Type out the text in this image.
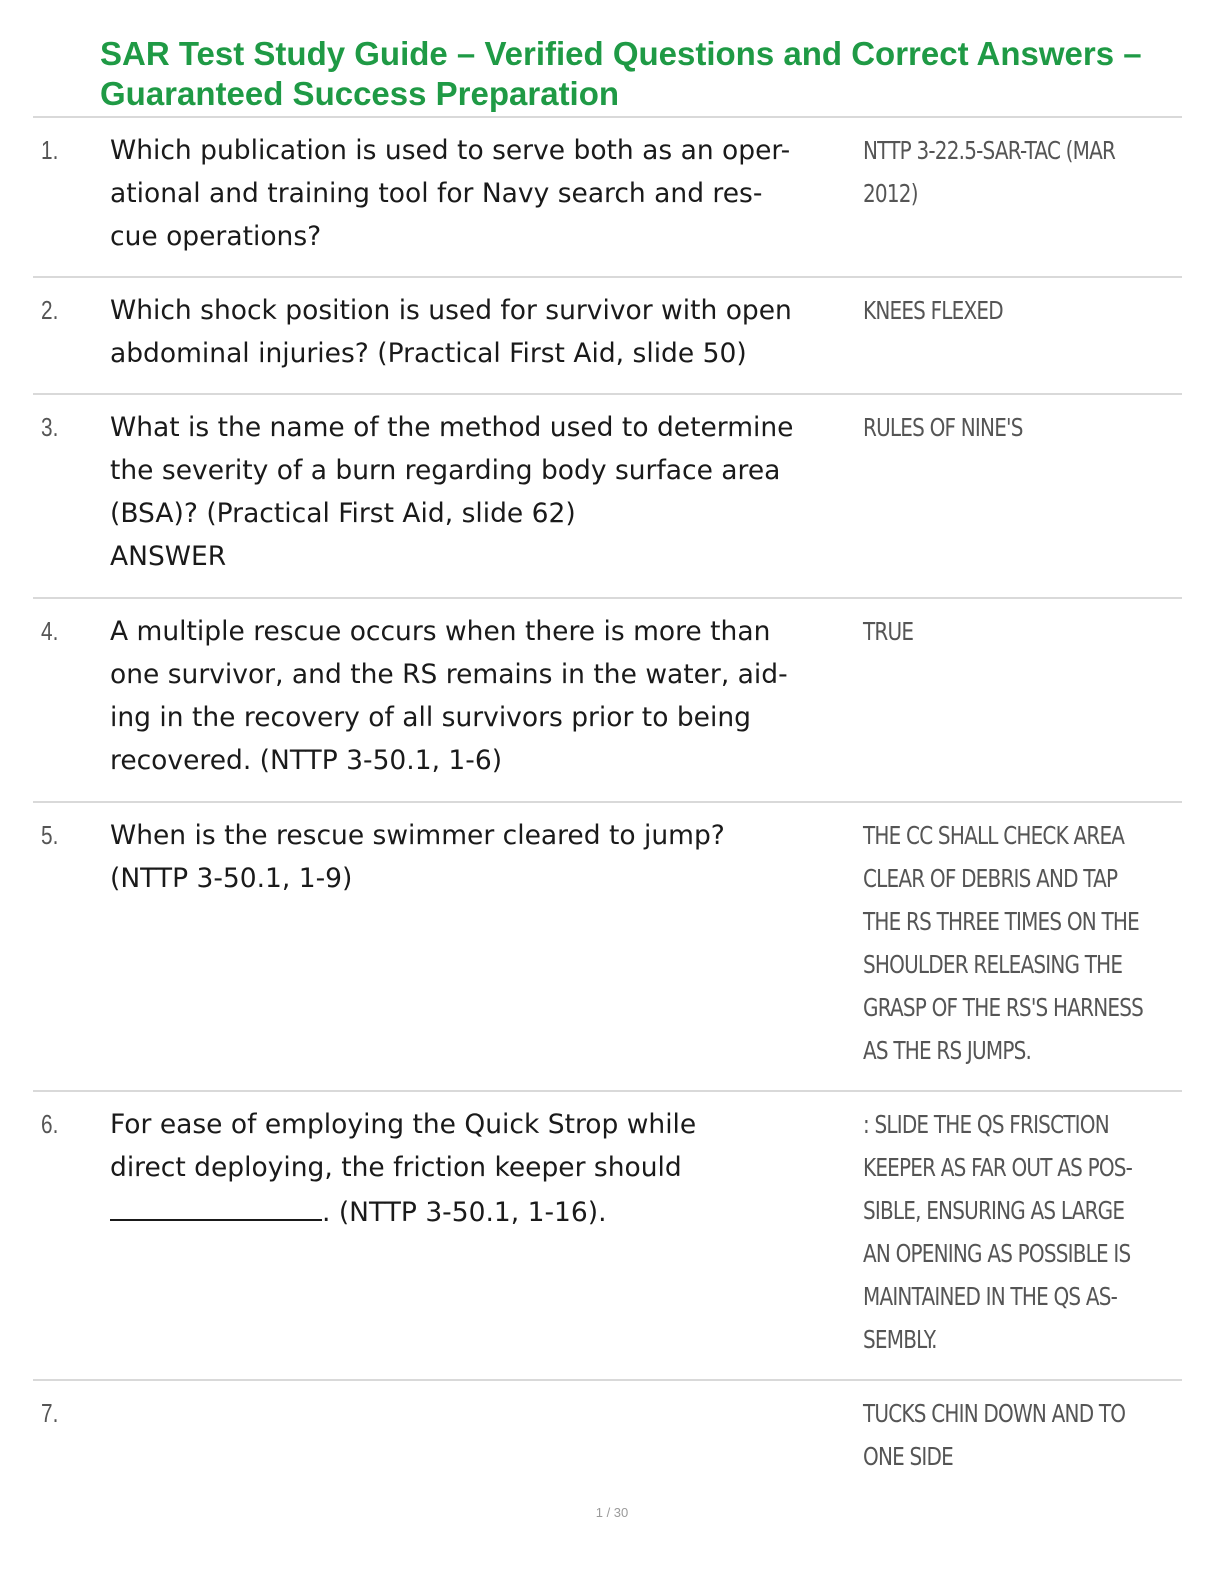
SAR Test Study Guide – Verified Questions and Correct Answers – Guaranteed Success Preparation
1. Which publication is used to serve both as an oper-
ational and training tool for Navy search and res-
cue operations?
NTTP 3-22.5-SAR-TAC (MAR
2012)
2. Which shock position is used for survivor with open
abdominal injuries? (Practical First Aid, slide 50)
KNEES FLEXED
3. What is the name of the method used to determine
the severity of a burn regarding body surface area
(BSA)? (Practical First Aid, slide 62)
ANSWER
RULES OF NINE'S
4. A multiple rescue occurs when there is more than
one survivor, and the RS remains in the water, aid-
ing in the recovery of all survivors prior to being
recovered. (NTTP 3-50.1, 1-6)
TRUE
5. When is the rescue swimmer cleared to jump?
(NTTP 3-50.1, 1-9)
THE CC SHALL CHECK AREA
CLEAR OF DEBRIS AND TAP
THE RS THREE TIMES ON THE
SHOULDER RELEASING THE
GRASP OF THE RS'S HARNESS
AS THE RS JUMPS.
6. For ease of employing the Quick Strop while
direct deploying, the friction keeper should
. (NTTP 3-50.1, 1-16).
: SLIDE THE QS FRISCTION
KEEPER AS FAR OUT AS POS-
SIBLE, ENSURING AS LARGE
AN OPENING AS POSSIBLE IS
MAINTAINED IN THE QS AS-
SEMBLY.
7.	TUCKS CHIN DOWN AND TO
ONE SIDE
1 / 30
